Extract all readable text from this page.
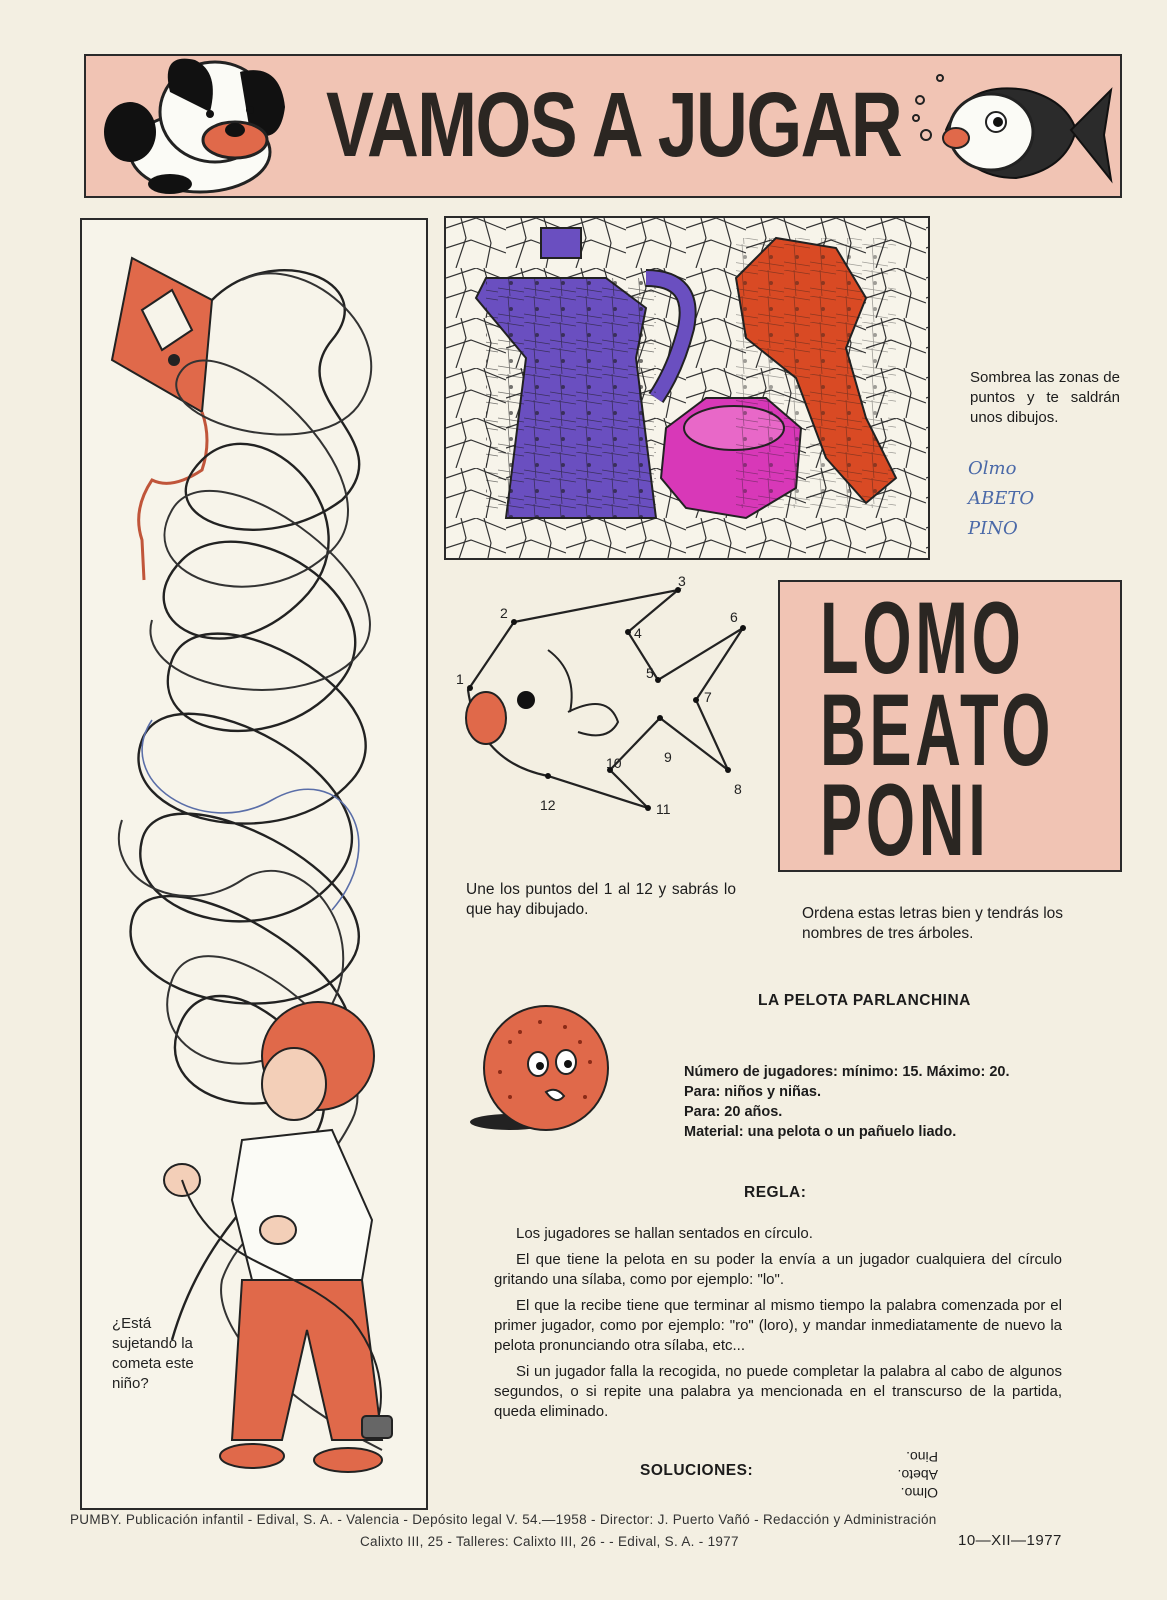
VAMOS A JUGAR
¿Está sujetando la cometa este niño?
Sombrea las zonas de puntos y te saldrán unos dibujos.
Olmo
ABETO
PINO
1
2
3
4
5
6
7
8
9
10
11
12
Une los puntos del 1 al 12 y sabrás lo que hay dibujado.
LOMO
BEATO
PONI
Ordena estas letras bien y tendrás los nombres de tres árboles.
LA PELOTA PARLANCHINA
Número de jugadores: mínimo: 15. Máximo: 20.
Para: niños y niñas.
Para: 20 años.
Material: una pelota o un pañuelo liado.
REGLA:

Los jugadores se hallan sentados en círculo.

El que tiene la pelota en su poder la envía a un jugador cualquiera del círculo gritando una sílaba, como por ejemplo: "lo".

El que la recibe tiene que terminar al mismo tiempo la palabra comenzada por el primer jugador, como por ejemplo: "ro" (loro), y mandar inmediatamente de nuevo la pelota pronunciando otra sílaba, etc...

Si un jugador falla la recogida, no puede completar la palabra al cabo de algunos segundos, o si repite una palabra ya mencionada en el transcurso de la partida, queda eliminado.

SOLUCIONES:
Olmo.
Abeto.
Pino.
PUMBY. Publicación infantil - Edival, S. A. - Valencia - Depósito legal V. 54.—1958 - Director: J. Puerto Vañó - Redacción y Administración
Calixto III, 25 - Talleres: Calixto III, 26 - - Edival, S. A. - 1977	10—XII—1977
